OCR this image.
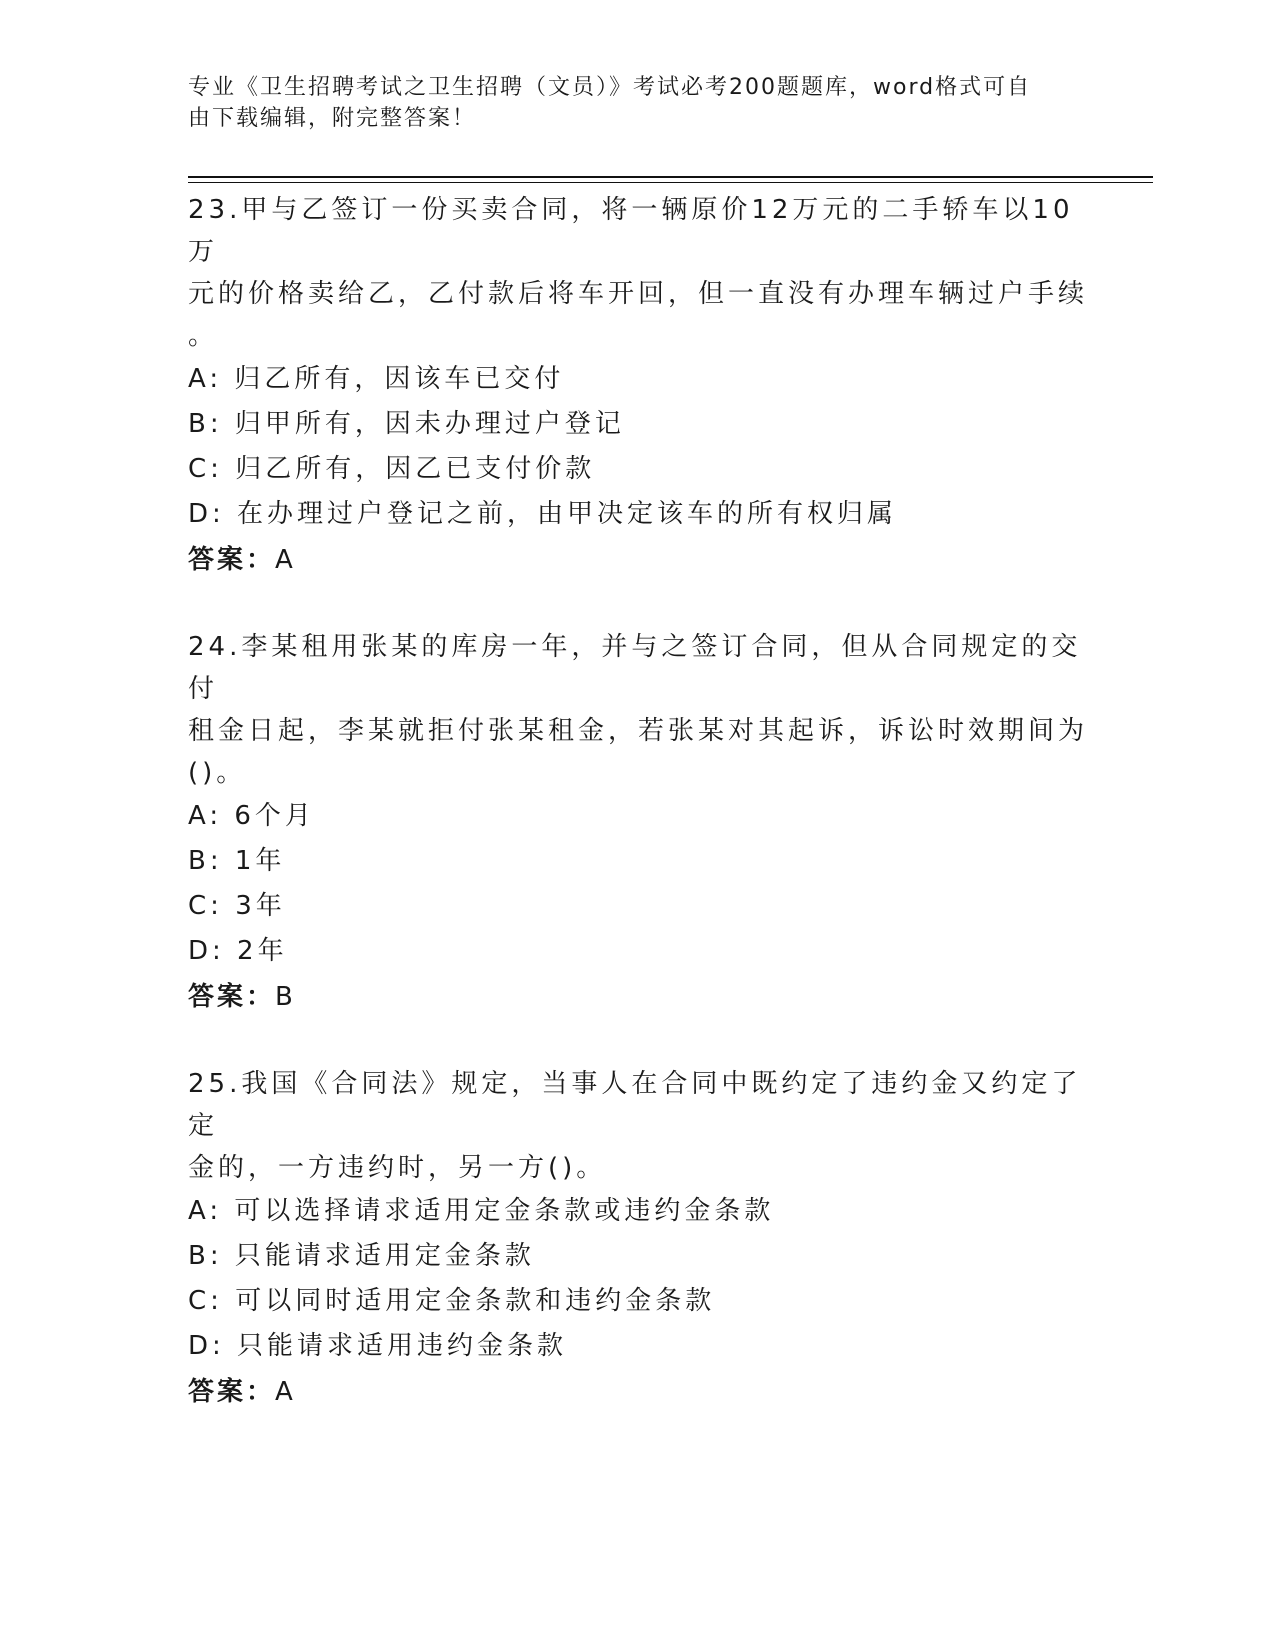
专业《卫生招聘考试之卫生招聘（文员）》考试必考200题题库，word格式可自
由下载编辑，附完整答案！

23.甲与乙签订一份买卖合同，将一辆原价12万元的二手轿车以10万

元的价格卖给乙，乙付款后将车开回，但一直没有办理车辆过户手续

。

A: 归乙所有，因该车已交付

B: 归甲所有，因未办理过户登记

C: 归乙所有，因乙已支付价款

D: 在办理过户登记之前，由甲决定该车的所有权归属

答案：A

24.李某租用张某的库房一年，并与之签订合同，但从合同规定的交付

租金日起，李某就拒付张某租金，若张某对其起诉，诉讼时效期间为

()。

A: 6个月

B: 1年

C: 3年

D: 2年

答案：B

25.我国《合同法》规定，当事人在合同中既约定了违约金又约定了定

金的，一方违约时，另一方()。

A: 可以选择请求适用定金条款或违约金条款

B: 只能请求适用定金条款

C: 可以同时适用定金条款和违约金条款

D: 只能请求适用违约金条款

答案：A
